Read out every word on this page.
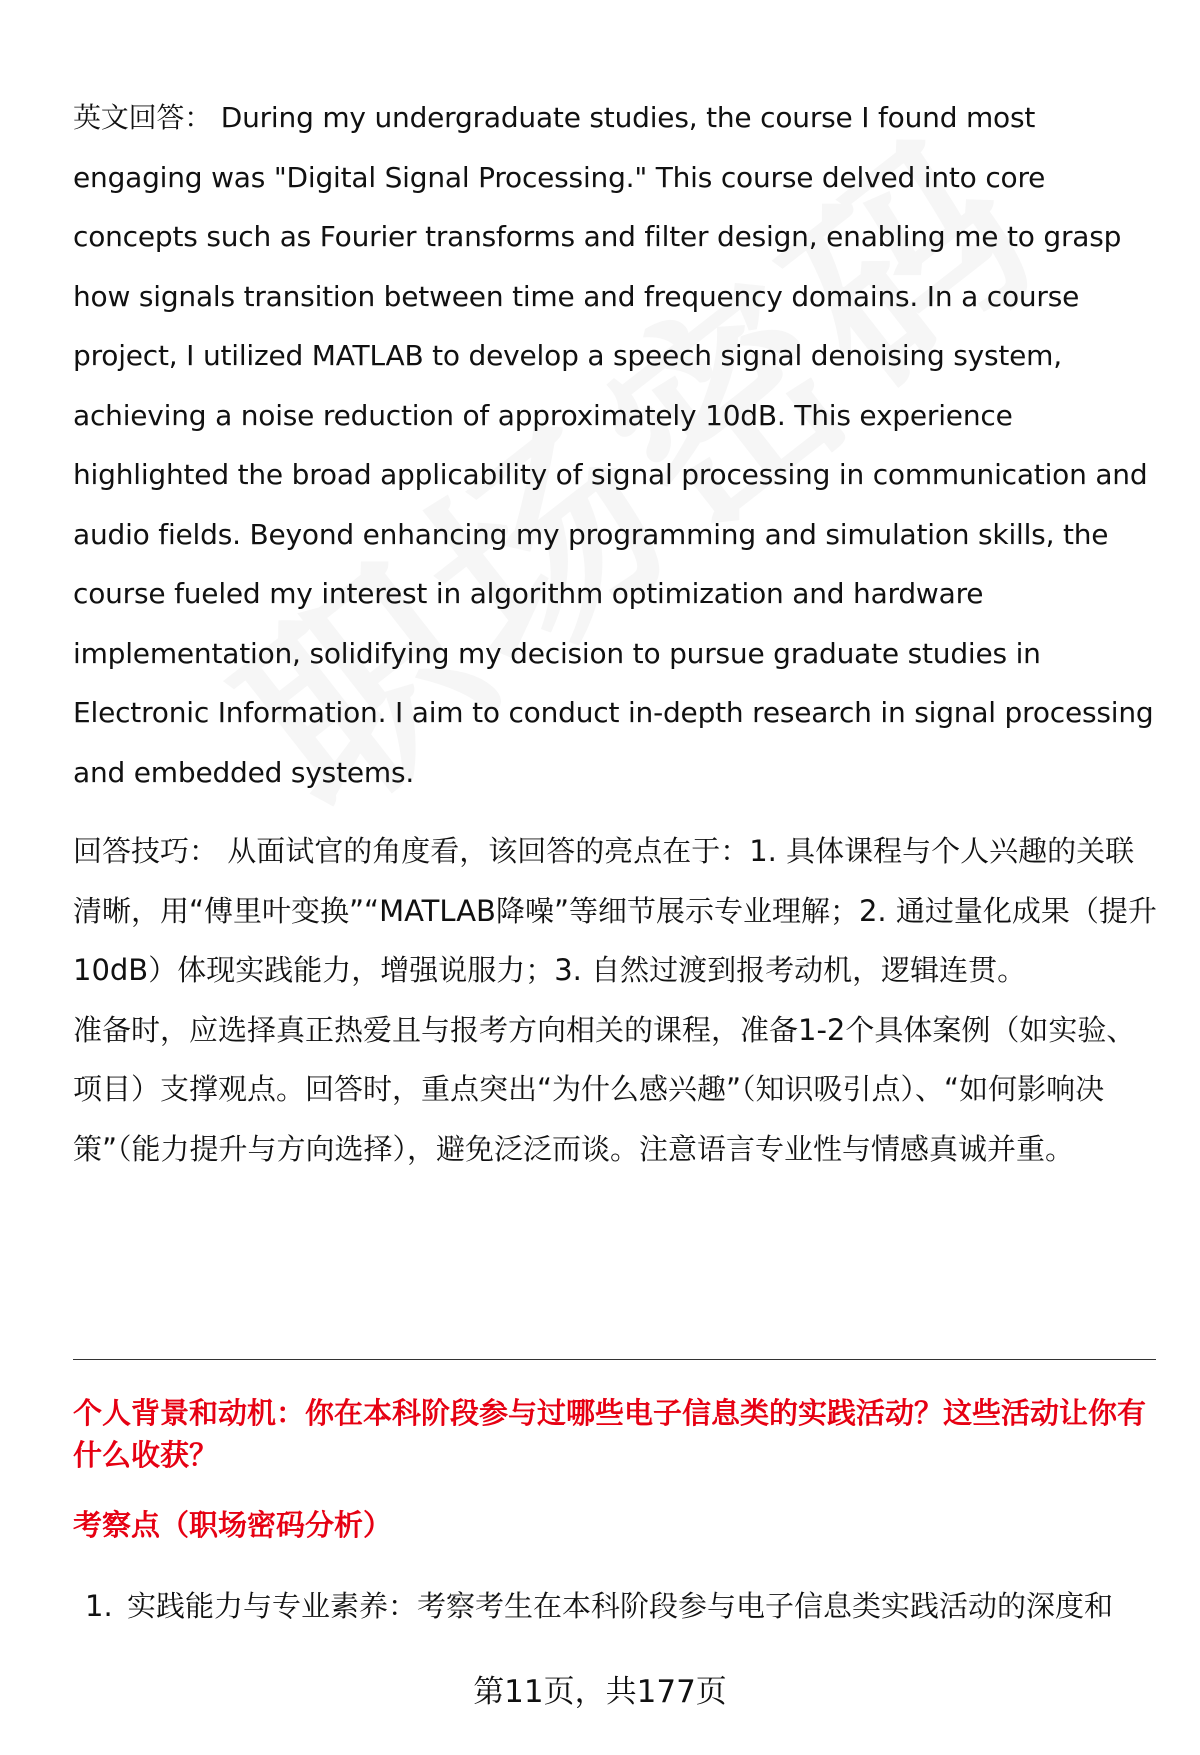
英文回答： During my undergraduate studies, the course I found most engaging was "Digital Signal Processing." This course delved into core concepts such as Fourier transforms and filter design, enabling me to grasp how signals transition between time and frequency domains. In a course project, I utilized MATLAB to develop a speech signal denoising system, achieving a noise reduction of approximately 10dB. This experience highlighted the broad applicability of signal processing in communication and audio fields. Beyond enhancing my programming and simulation skills, the course fueled my interest in algorithm optimization and hardware implementation, solidifying my decision to pursue graduate studies in Electronic Information. I aim to conduct in-depth research in signal processing and embedded systems.

回答技巧： 从面试官的角度看，该回答的亮点在于：1. 具体课程与个人兴趣的关联清晰，用“傅里叶变换”“MATLAB降噪”等细节展示专业理解；2. 通过量化成果（提升10dB）体现实践能力，增强说服力；3. 自然过渡到报考动机，逻辑连贯。

准备时，应选择真正热爱且与报考方向相关的课程，准备1-2个具体案例（如实验、项目）支撑观点。回答时，重点突出“为什么感兴趣”（知识吸引点）、“如何影响决策”（能力提升与方向选择），避免泛泛而谈。注意语言专业性与情感真诚并重。

个人背景和动机：你在本科阶段参与过哪些电子信息类的实践活动？这些活动让你有什么收获？

考察点（职场密码分析）

1. 实践能力与专业素养：考察考生在本科阶段参与电子信息类实践活动的深度和
第11页，共177页
